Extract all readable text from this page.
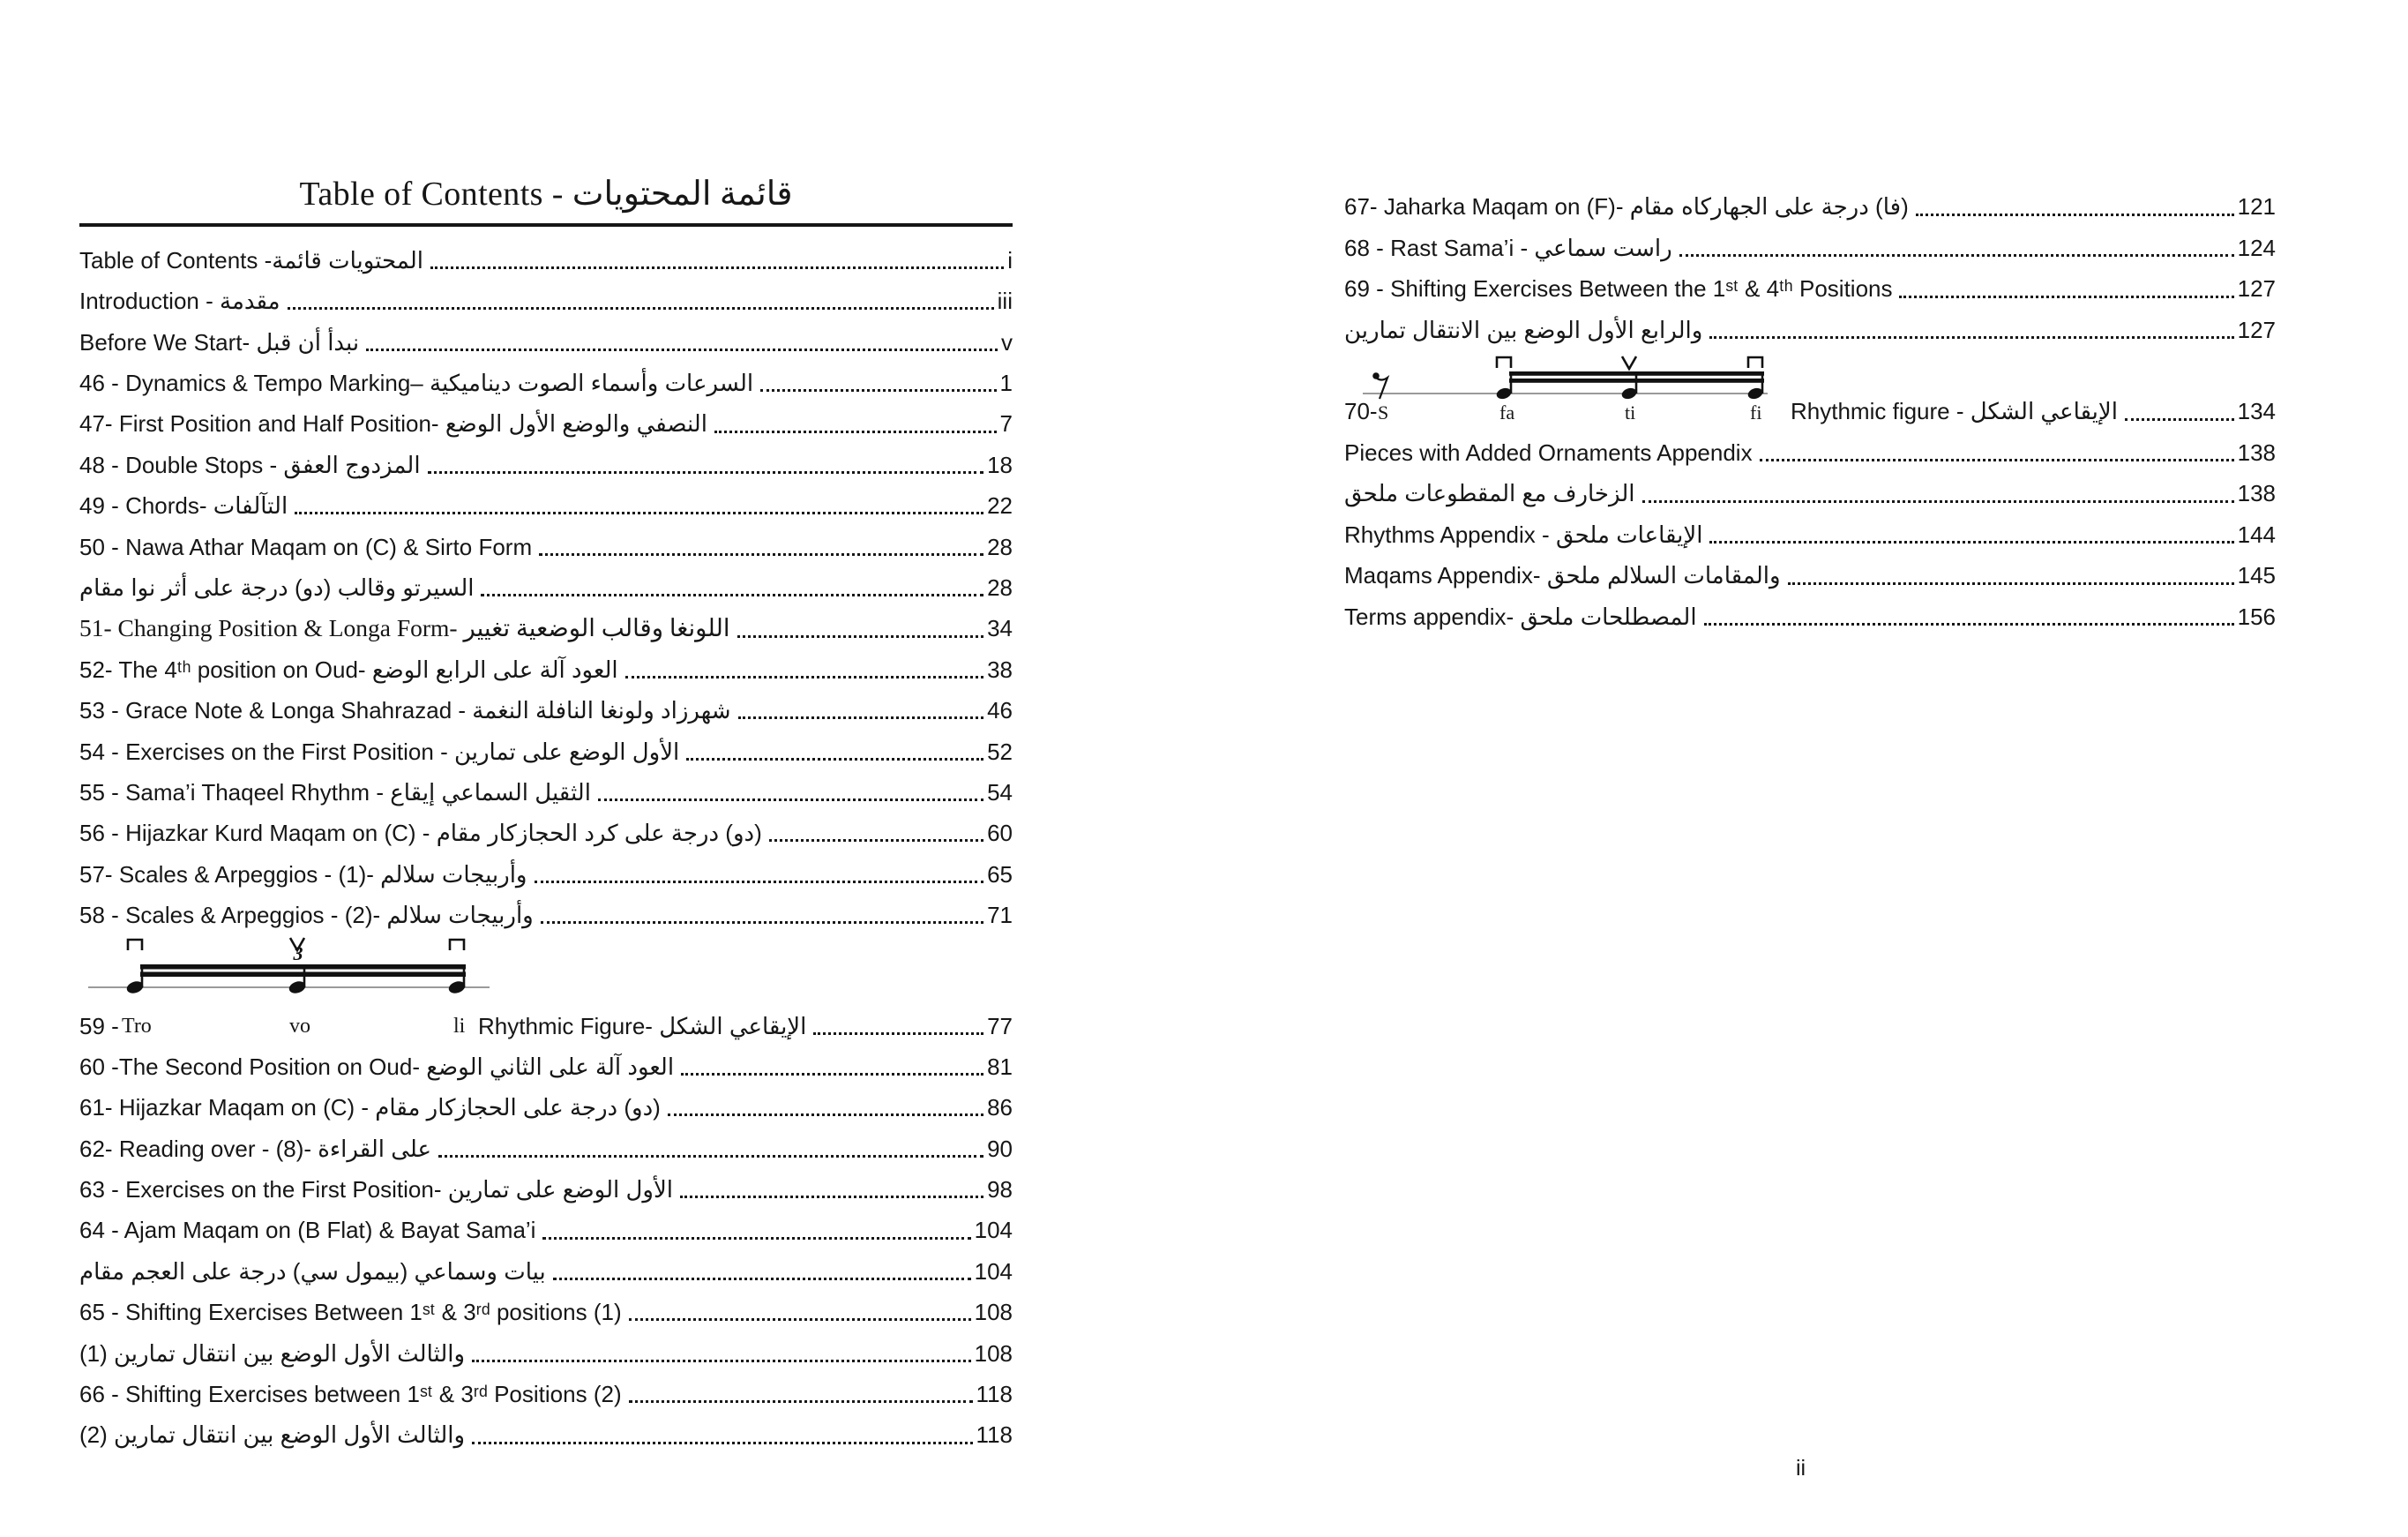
Table of Contents - قائمة المحتويات
Table of Contents -قائمة المحتويات	i
Introduction - مقدمة	iii
Before We Start- قبل أن نبدأ	v
46 - Dynamics & Tempo Marking– ديناميكية الصوت وأسماء السرعات	1
47- First Position and Half Position- الوضع الأول والوضع النصفي	7
48 - Double Stops - العفق المزدوج	18
49 - Chords- التآلفات	22
50 - Nawa Athar Maqam on (C) & Sirto Form	28
مقام نوا أثر على درجة (دو) وقالب السيرتو	28
51- Changing Position & Longa Form- تغيير الوضعية وقالب اللونغا	34
52- The 4ᵗʰ position on Oud- الوضع الرابع على آلة العود	38
53 - Grace Note & Longa Shahrazad - النغمة النافلة ولونغا شهرزاد	46
54 - Exercises on the First Position - تمارين على الوضع الأول	52
55 - Sama’i Thaqeel Rhythm - إيقاع السماعي الثقيل	54
56 - Hijazkar Kurd Maqam on (C) - مقام الحجازكار كرد على درجة (دو)	60
57- Scales & Arpeggios - (1)- سلالم وأربيجات	65
58 - Scales & Arpeggios - (2)- سلالم وأربيجات	71
3
59 - Tro	vo	li Rhythmic Figure- الشكل الإيقاعي	77
60 -The Second Position on Oud- الوضع الثاني على آلة العود	81
61- Hijazkar Maqam on (C) - مقام الحجازكار على درجة (دو)	86
62- Reading over - (8)- القراءة على	90
63 - Exercises on the First Position- تمارين على الوضع الأول	98
64 - Ajam Maqam on (B Flat) & Bayat Sama’i	104
مقام العجم على درجة (سي بيمول) وسماعي بيات	104
65 - Shifting Exercises Between 1ˢᵗ & 3ʳᵈ positions (1)	108
(1) تمارين انتقال بين الوضع الأول والثالث	108
66 - Shifting Exercises between 1ˢᵗ & 3ʳᵈ Positions (2)	118
(2) تمارين انتقال بين الوضع الأول والثالث	118
67- Jaharka Maqam on (F)- مقام الجهاركاه على درجة (فا)	121
68 - Rast Sama’i - سماعي راست	124
69 - Shifting Exercises Between the 1ˢᵗ & 4ᵗʰ Positions	127
تمارين الانتقال بين الوضع الأول والرابع	127
70- S	fa	ti	fi Rhythmic figure - الشكل الإيقاعي	134
Pieces with Added Ornaments Appendix	138
ملحق المقطوعات مع الزخارف	138
Rhythms Appendix - ملحق الإيقاعات	144
Maqams Appendix- ملحق السلالم والمقامات	145
Terms appendix- ملحق المصطلحات	156
ii
